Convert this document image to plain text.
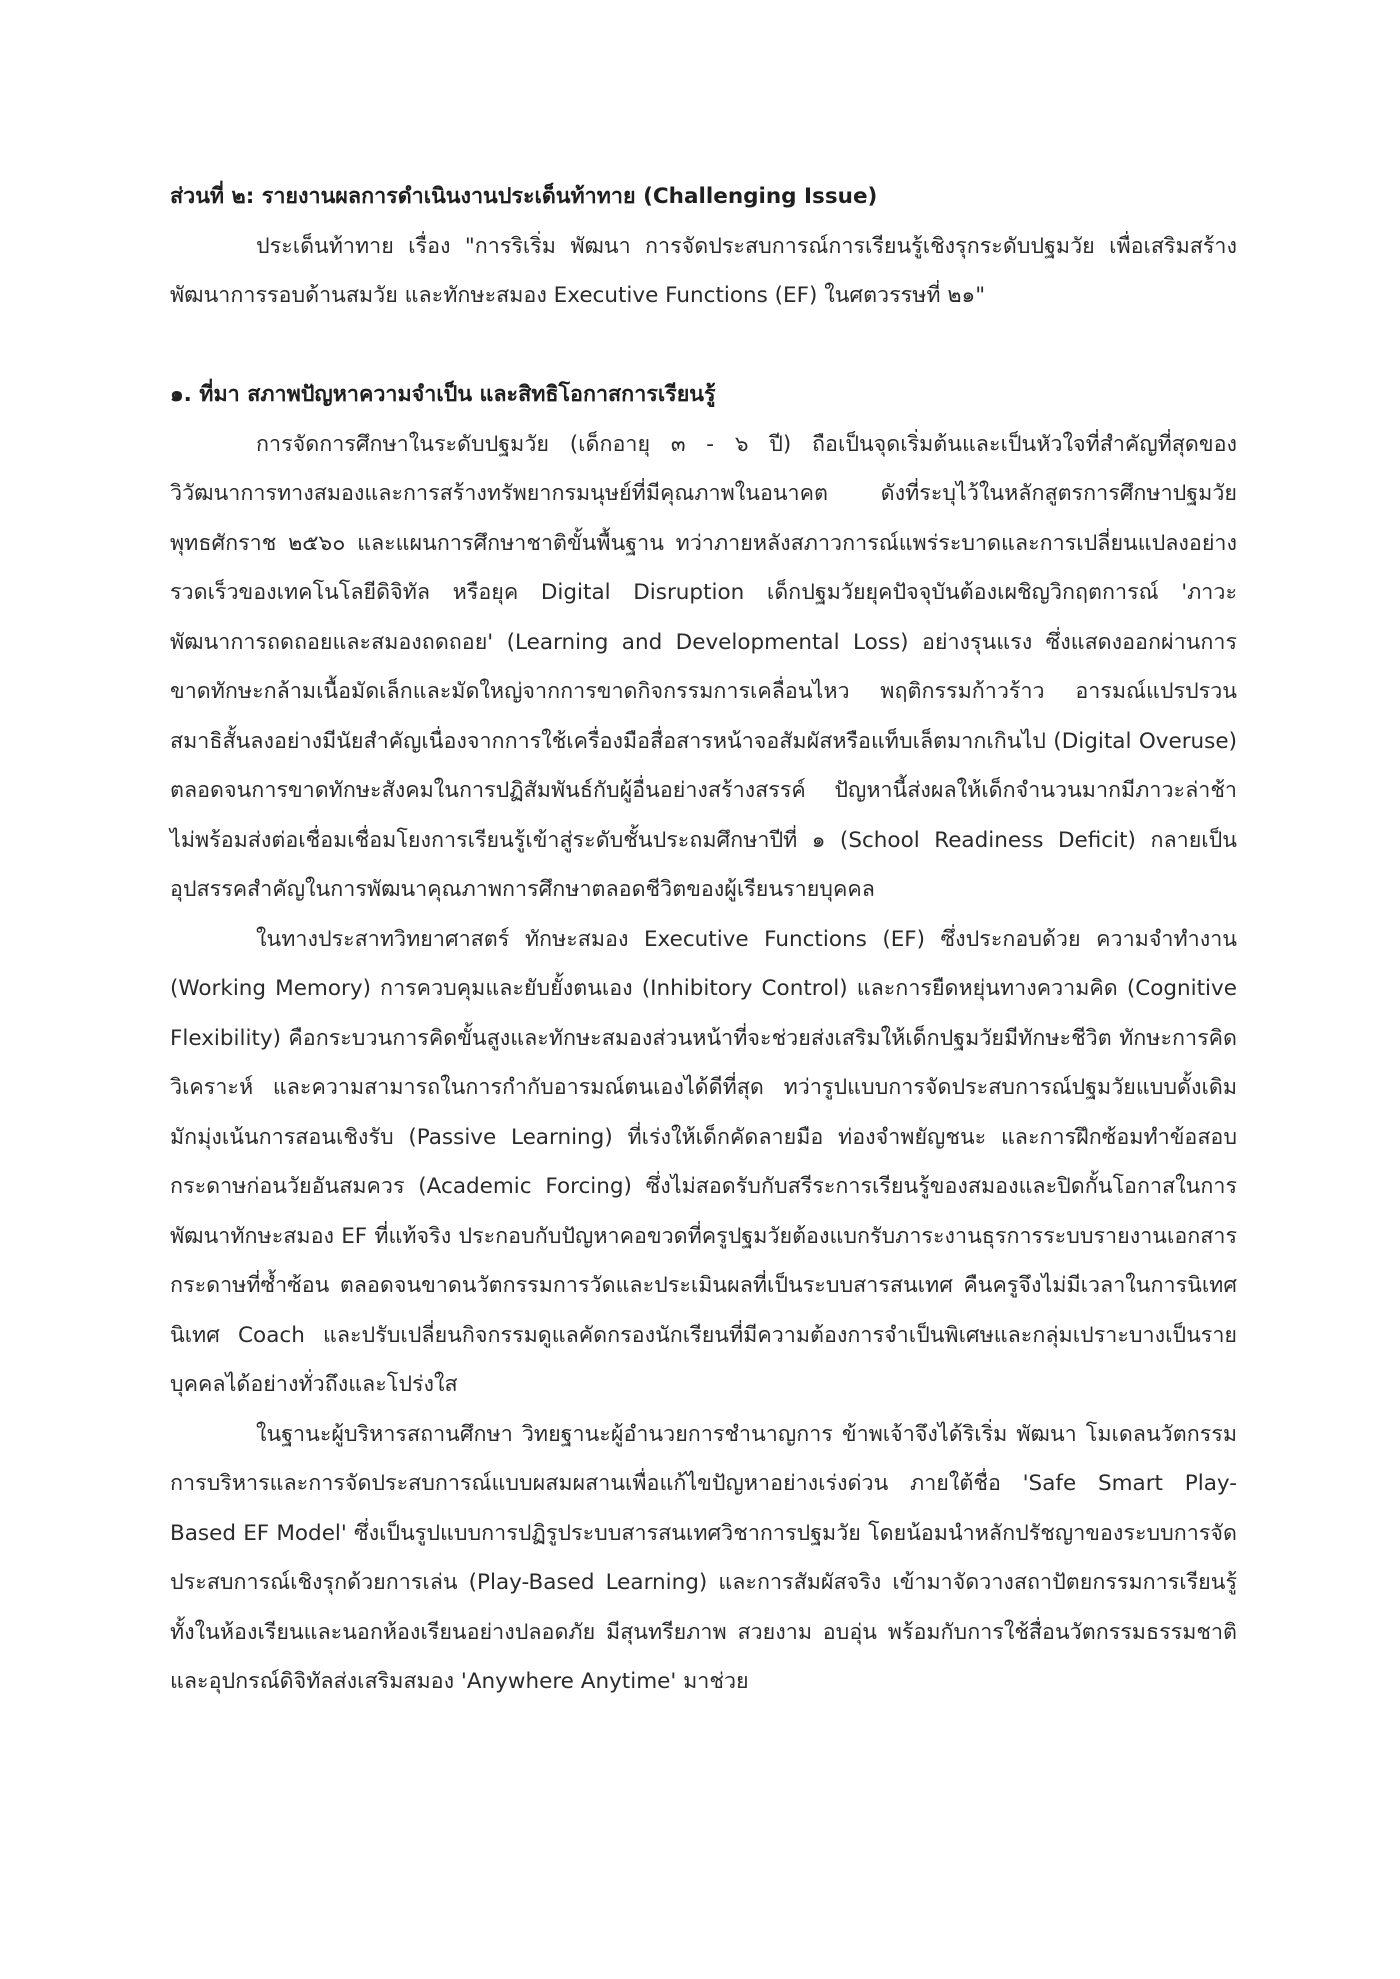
ส่วนที่ ๒: รายงานผลการดำเนินงานประเด็นท้าทาย (Challenging Issue)

ประเด็นท้าทาย เรื่อง "การริเริ่ม พัฒนา การจัดประสบการณ์การเรียนรู้เชิงรุกระดับปฐมวัย เพื่อเสริมสร้างพัฒนาการรอบด้านสมวัย และทักษะสมอง Executive Functions (EF) ในศตวรรษที่ ๒๑"

๑. ที่มา สภาพปัญหาความจำเป็น และสิทธิโอกาสการเรียนรู้

การจัดการศึกษาในระดับปฐมวัย (เด็กอายุ ๓ - ๖ ปี) ถือเป็นจุดเริ่มต้นและเป็นหัวใจที่สำคัญที่สุดของวิวัฒนาการทางสมองและการสร้างทรัพยากรมนุษย์ที่มีคุณภาพในอนาคต ดังที่ระบุไว้ในหลักสูตรการศึกษาปฐมวัย พุทธศักราช ๒๕๖๐ และแผนการศึกษาชาติขั้นพื้นฐาน ทว่าภายหลังสภาวการณ์แพร่ระบาดและการเปลี่ยนแปลงอย่างรวดเร็วของเทคโนโลยีดิจิทัล หรือยุค Digital Disruption เด็กปฐมวัยยุคปัจจุบันต้องเผชิญวิกฤตการณ์ 'ภาวะพัฒนาการถดถอยและสมองถดถอย' (Learning and Developmental Loss) อย่างรุนแรง ซึ่งแสดงออกผ่านการขาดทักษะกล้ามเนื้อมัดเล็กและมัดใหญ่จากการขาดกิจกรรมการเคลื่อนไหว พฤติกรรมก้าวร้าว อารมณ์แปรปรวน สมาธิสั้นลงอย่างมีนัยสำคัญเนื่องจากการใช้เครื่องมือสื่อสารหน้าจอสัมผัสหรือแท็บเล็ตมากเกินไป (Digital Overuse) ตลอดจนการขาดทักษะสังคมในการปฏิสัมพันธ์กับผู้อื่นอย่างสร้างสรรค์ ปัญหานี้ส่งผลให้เด็กจำนวนมากมีภาวะล่าช้าไม่พร้อมส่งต่อเชื่อมเชื่อมโยงการเรียนรู้เข้าสู่ระดับชั้นประถมศึกษาปีที่ ๑ (School Readiness Deficit) กลายเป็นอุปสรรคสำคัญในการพัฒนาคุณภาพการศึกษาตลอดชีวิตของผู้เรียนรายบุคคล

ในทางประสาทวิทยาศาสตร์ ทักษะสมอง Executive Functions (EF) ซึ่งประกอบด้วย ความจำทำงาน (Working Memory) การควบคุมและยับยั้งตนเอง (Inhibitory Control) และการยืดหยุ่นทางความคิด (Cognitive Flexibility) คือกระบวนการคิดขั้นสูงและทักษะสมองส่วนหน้าที่จะช่วยส่งเสริมให้เด็กปฐมวัยมีทักษะชีวิต ทักษะการคิดวิเคราะห์ และความสามารถในการกำกับอารมณ์ตนเองได้ดีที่สุด ทว่ารูปแบบการจัดประสบการณ์ปฐมวัยแบบดั้งเดิมมักมุ่งเน้นการสอนเชิงรับ (Passive Learning) ที่เร่งให้เด็กคัดลายมือ ท่องจำพยัญชนะ และการฝึกซ้อมทำข้อสอบกระดาษก่อนวัยอันสมควร (Academic Forcing) ซึ่งไม่สอดรับกับสรีระการเรียนรู้ของสมองและปิดกั้นโอกาสในการพัฒนาทักษะสมอง EF ที่แท้จริง ประกอบกับปัญหาคอขวดที่ครูปฐมวัยต้องแบกรับภาระงานธุรการระบบรายงานเอกสารกระดาษที่ซ้ำซ้อน ตลอดจนขาดนวัตกรรมการวัดและประเมินผลที่เป็นระบบสารสนเทศ คืนครูจึงไม่มีเวลาในการนิเทศ นิเทศ Coach และปรับเปลี่ยนกิจกรรมดูแลคัดกรองนักเรียนที่มีความต้องการจำเป็นพิเศษและกลุ่มเปราะบางเป็นรายบุคคลได้อย่างทั่วถึงและโปร่งใส

ในฐานะผู้บริหารสถานศึกษา วิทยฐานะผู้อำนวยการชำนาญการ ข้าพเจ้าจึงได้ริเริ่ม พัฒนา โมเดลนวัตกรรมการบริหารและการจัดประสบการณ์แบบผสมผสานเพื่อแก้ไขปัญหาอย่างเร่งด่วน ภายใต้ชื่อ 'Safe Smart Play-Based EF Model' ซึ่งเป็นรูปแบบการปฏิรูประบบสารสนเทศวิชาการปฐมวัย โดยน้อมนำหลักปรัชญาของระบบการจัดประสบการณ์เชิงรุกด้วยการเล่น (Play-Based Learning) และการสัมผัสจริง เข้ามาจัดวางสถาปัตยกรรมการเรียนรู้ทั้งในห้องเรียนและนอกห้องเรียนอย่างปลอดภัย มีสุนทรียภาพ สวยงาม อบอุ่น พร้อมกับการใช้สื่อนวัตกรรมธรรมชาติและอุปกรณ์ดิจิทัลส่งเสริมสมอง 'Anywhere Anytime' มาช่วย
